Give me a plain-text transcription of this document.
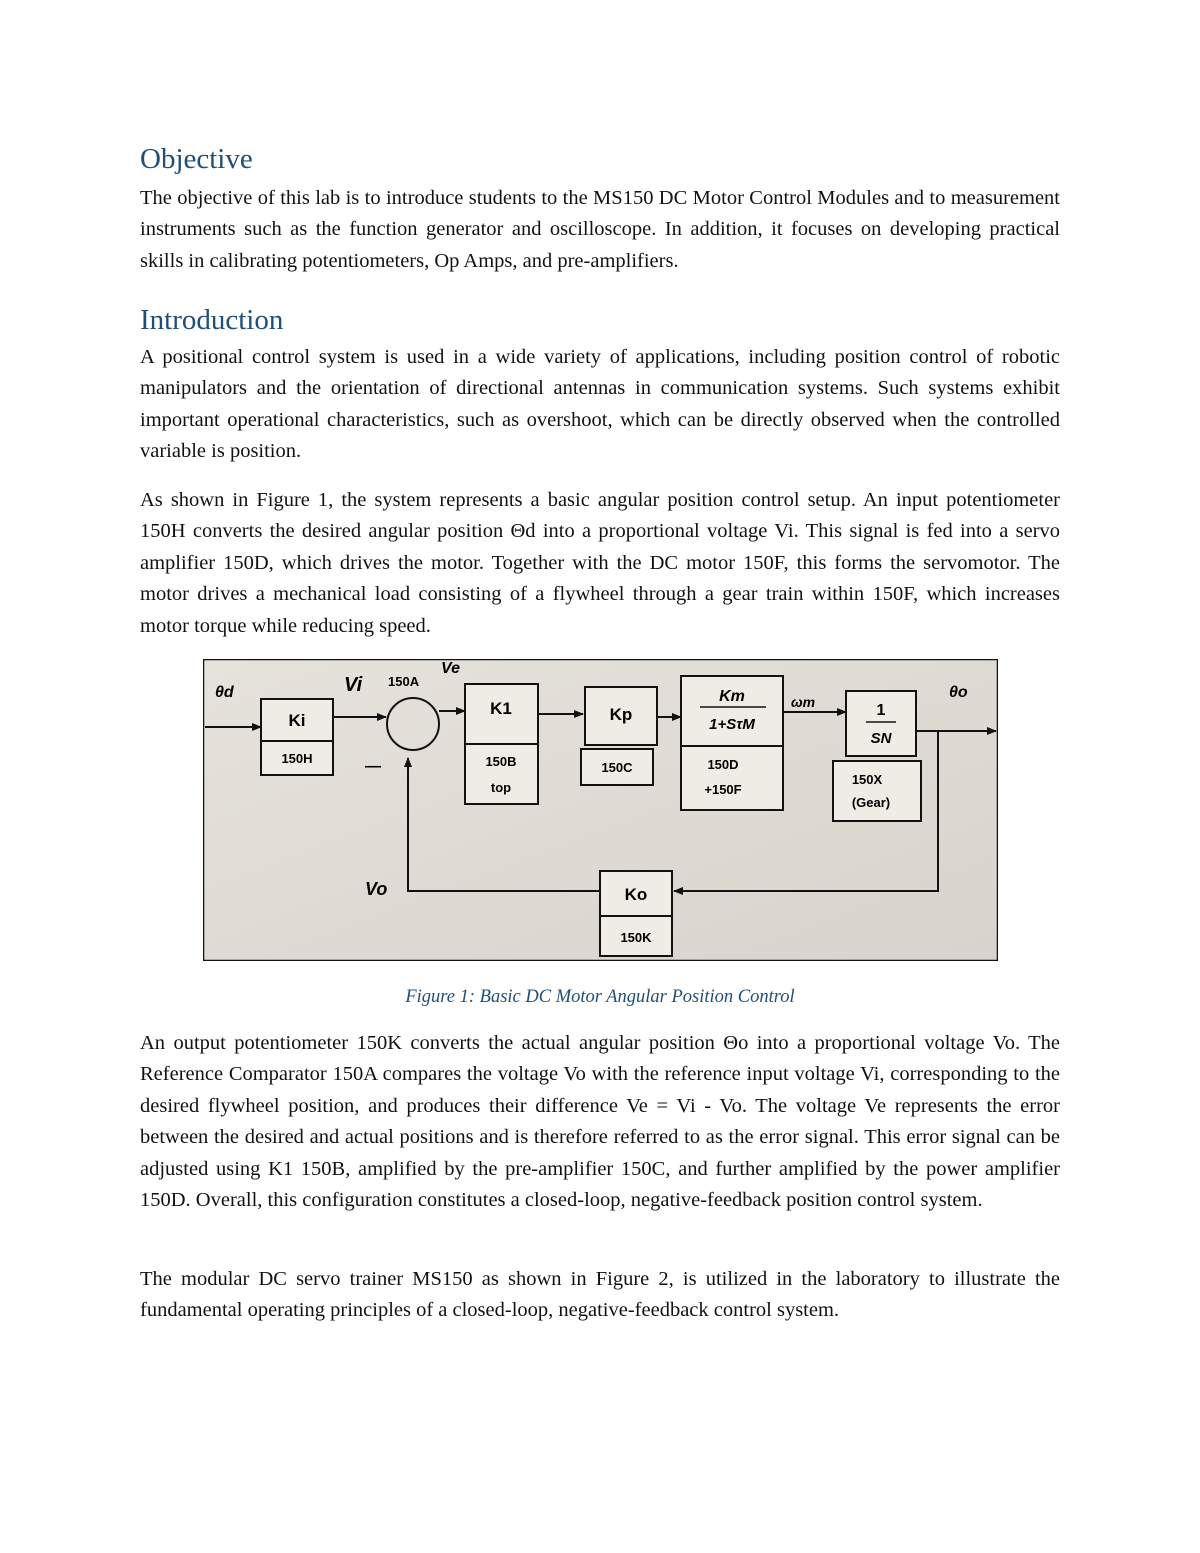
Objective

The objective of this lab is to introduce students to the MS150 DC Motor Control Modules and to measurement instruments such as the function generator and oscilloscope. In addition, it focuses on developing practical skills in calibrating potentiometers, Op Amps, and pre-amplifiers.

Introduction

A positional control system is used in a wide variety of applications, including position control of robotic manipulators and the orientation of directional antennas in communication systems. Such systems exhibit important operational characteristics, such as overshoot, which can be directly observed when the controlled variable is position.

As shown in Figure 1, the system represents a basic angular position control setup. An input potentiometer 150H converts the desired angular position Θd into a proportional voltage Vi. This signal is fed into a servo amplifier 150D, which drives the motor. Together with the DC motor 150F, this forms the servomotor. The motor drives a mechanical load consisting of a flywheel through a gear train within 150F, which increases motor torque while reducing speed.

θd	Vi 150A
Ve
—
ωm
θo
Vo
Ki
150H
K1
150B
top
Kp
150C
Km
1+SτM
150D
+150F
1
SN
150X
(Gear)
Ko
150K
Figure 1: Basic DC Motor Angular Position Control

An output potentiometer 150K converts the actual angular position Θo into a proportional voltage Vo. The Reference Comparator 150A compares the voltage Vo with the reference input voltage Vi, corresponding to the desired flywheel position, and produces their difference Ve = Vi - Vo. The voltage Ve represents the error between the desired and actual positions and is therefore referred to as the error signal. This error signal can be adjusted using K1 150B, amplified by the pre-amplifier 150C, and further amplified by the power amplifier 150D. Overall, this configuration constitutes a closed-loop, negative-feedback position control system.

The modular DC servo trainer MS150 as shown in Figure 2, is utilized in the laboratory to illustrate the fundamental operating principles of a closed-loop, negative-feedback control system.
